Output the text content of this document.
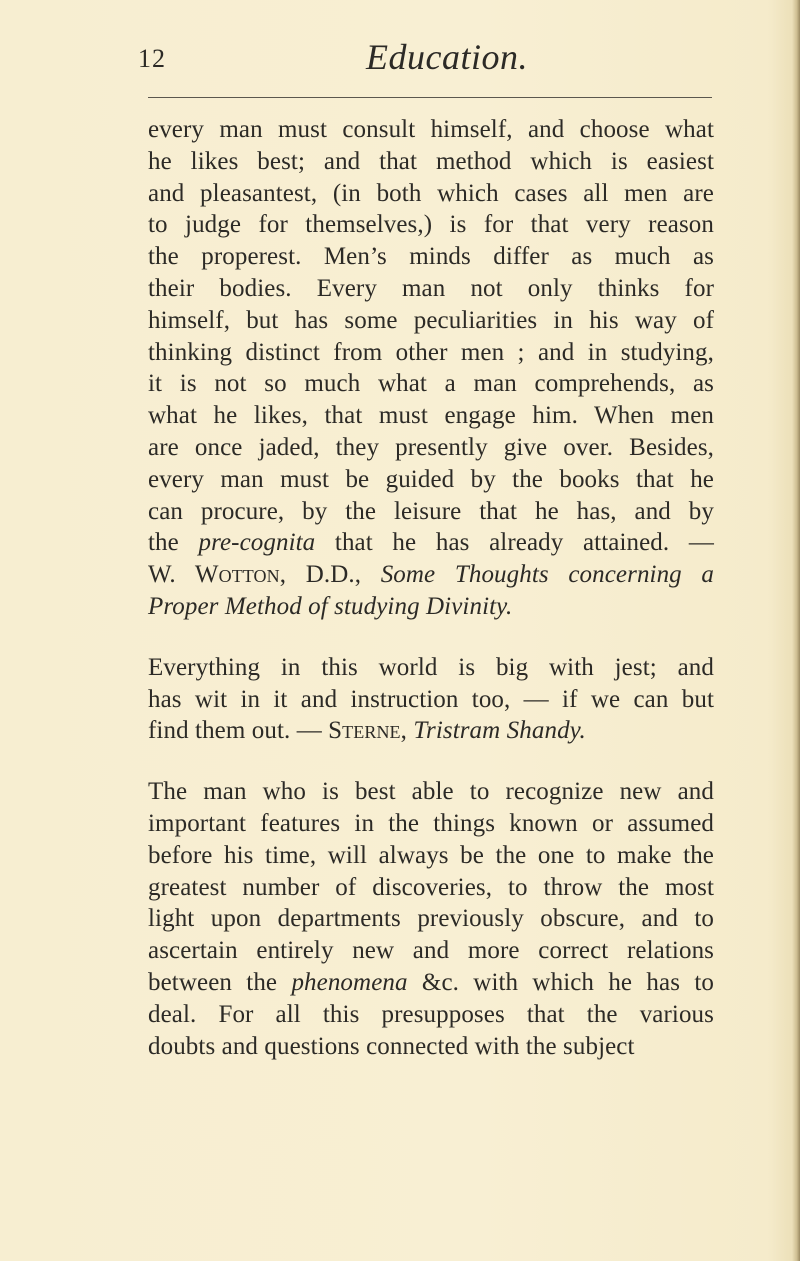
12	Education.
every man must consult himself, and choose what
he likes best; and that method which is easiest
and pleasantest, (in both which cases all men are
to judge for themselves,) is for that very reason
the properest. Men’s minds differ as much as
their bodies. Every man not only thinks for
himself, but has some peculiarities in his way of
thinking distinct from other men ; and in studying,
it is not so much what a man comprehends, as
what he likes, that must engage him. When men
are once jaded, they presently give over. Besides,
every man must be guided by the books that he
can procure, by the leisure that he has, and by
the pre-cognita that he has already attained. —
W. Wotton, D.D., Some Thoughts concerning a
Proper Method of studying Divinity.
Everything in this world is big with jest; and
has wit in it and instruction too, — if we can but
find them out. — Sterne, Tristram Shandy.
The man who is best able to recognize new and
important features in the things known or assumed
before his time, will always be the one to make the
greatest number of discoveries, to throw the most
light upon departments previously obscure, and to
ascertain entirely new and more correct relations
between the phenomena &c. with which he has to
deal. For all this presupposes that the various
doubts and questions connected with the subject
